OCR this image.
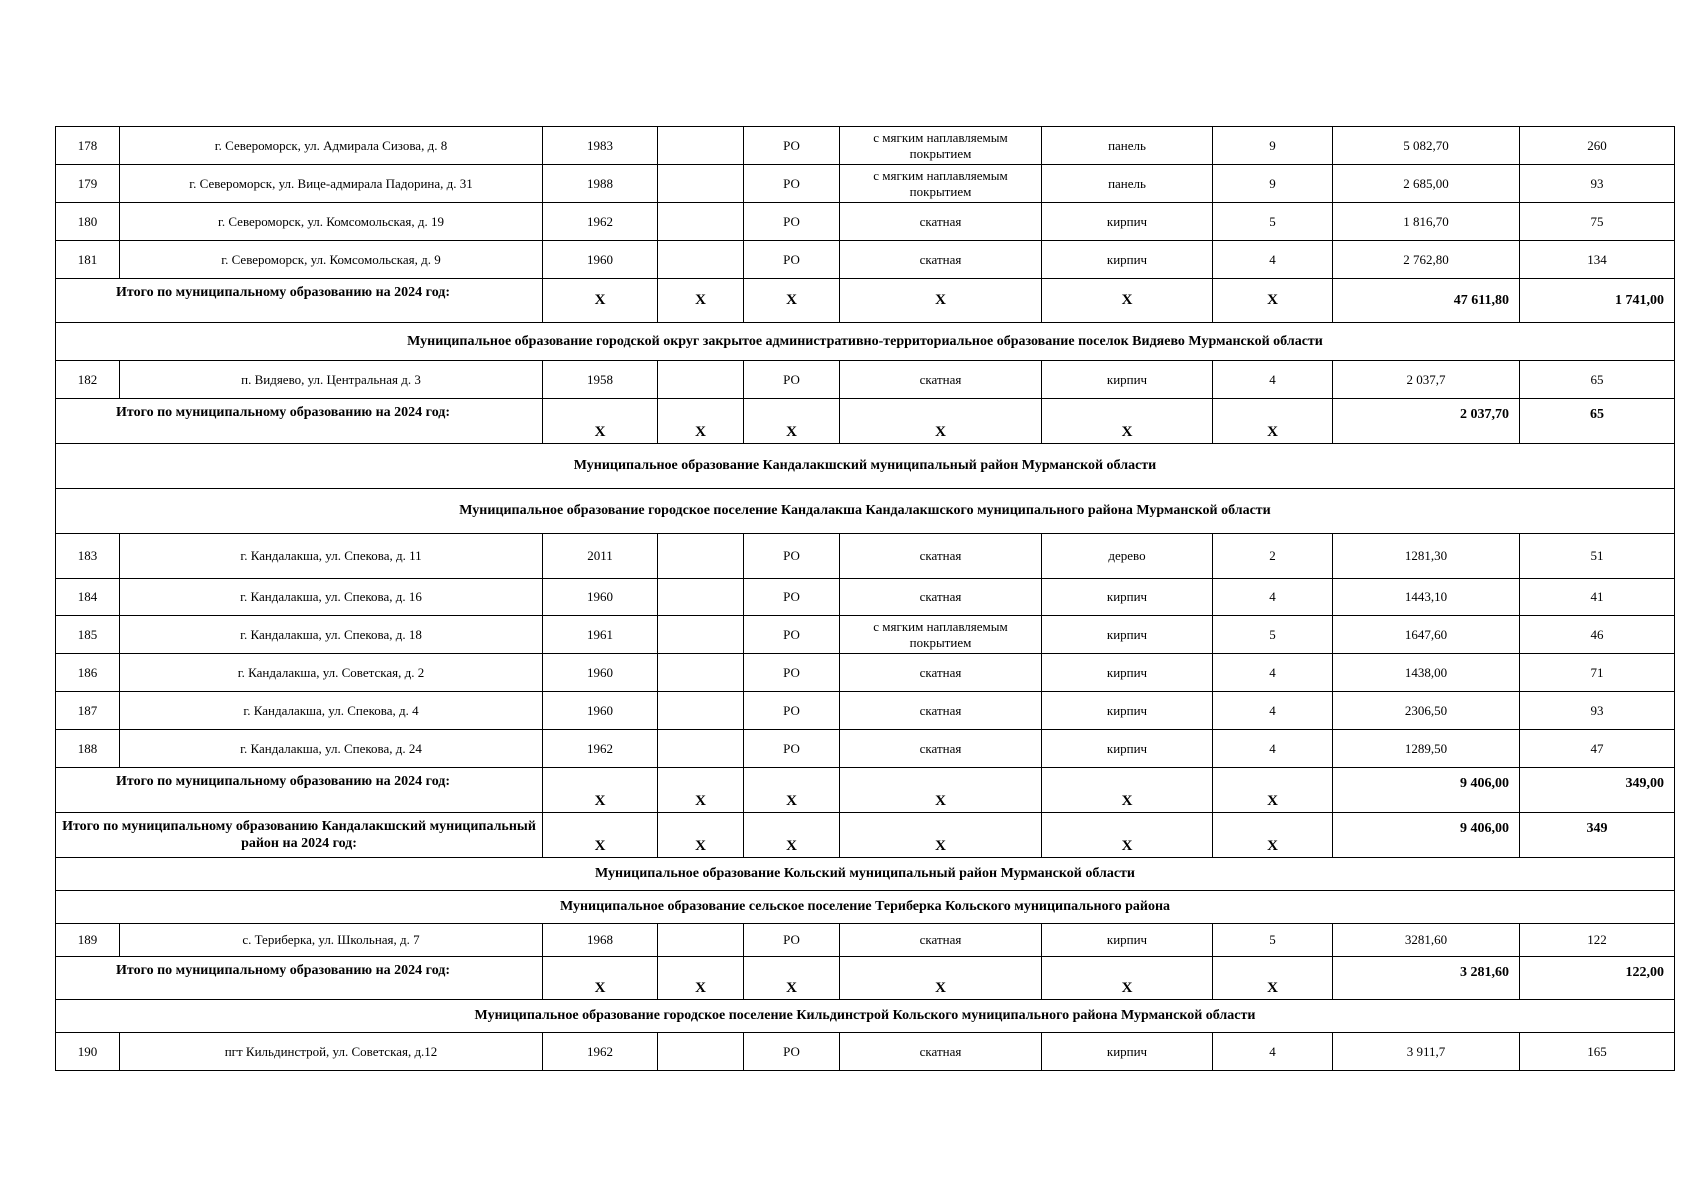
178	г. Североморск, ул. Адмирала Сизова, д. 8	1983		РО	с мягким наплавляемым покрытием	панель	9	5 082,70	260
179	г. Североморск, ул. Вице-адмирала Падорина, д. 31	1988		РО	с мягким наплавляемым покрытием	панель	9	2 685,00	93
180	г. Североморск, ул. Комсомольская, д. 19	1962		РО	скатная	кирпич	5	1 816,70	75
181	г. Североморск, ул. Комсомольская, д. 9	1960		РО	скатная	кирпич	4	2 762,80	134
Итого по муниципальному образованию на 2024 год:		X	X	X	X	X	X	47 611,80	1 741,00
Муниципальное образование городской округ закрытое административно-территориальное образование поселок Видяево Мурманской области									
182	п. Видяево, ул. Центральная д. 3	1958		РО	скатная	кирпич	4	2 037,7	65
Итого по муниципальному образованию на 2024 год:		X	X	X	X	X	X	2 037,70	65
Муниципальное образование Кандалакшский муниципальный район Мурманской области									
Муниципальное образование городское поселение Кандалакша Кандалакшского муниципального района Мурманской области									
183	г. Кандалакша, ул. Спекова, д. 11	2011		РО	скатная	дерево	2	1281,30	51
184	г. Кандалакша, ул. Спекова, д. 16	1960		РО	скатная	кирпич	4	1443,10	41
185	г. Кандалакша, ул. Спекова, д. 18	1961		РО	с мягким наплавляемым покрытием	кирпич	5	1647,60	46
186	г. Кандалакша, ул. Советская, д. 2	1960		РО	скатная	кирпич	4	1438,00	71
187	г. Кандалакша, ул. Спекова, д. 4	1960		РО	скатная	кирпич	4	2306,50	93
188	г. Кандалакша, ул. Спекова, д. 24	1962		РО	скатная	кирпич	4	1289,50	47
Итого по муниципальному образованию на 2024 год:		X	X	X	X	X	X	9 406,00	349,00
Итого по муниципальному образованию Кандалакшский муниципальный район на 2024 год:		X	X	X	X	X	X	9 406,00	349
Муниципальное образование Кольский муниципальный район Мурманской области									
Муниципальное образование сельское поселение Териберка Кольского муниципального района									
189	с. Териберка, ул. Школьная, д. 7	1968		РО	скатная	кирпич	5	3281,60	122
Итого по муниципальному образованию на 2024 год:		X	X	X	X	X	X	3 281,60	122,00
Муниципальное образование городское поселение Кильдинстрой Кольского муниципального района Мурманской области									
190	пгт Кильдинстрой, ул. Советская, д.12	1962		РО	скатная	кирпич	4	3 911,7	165
